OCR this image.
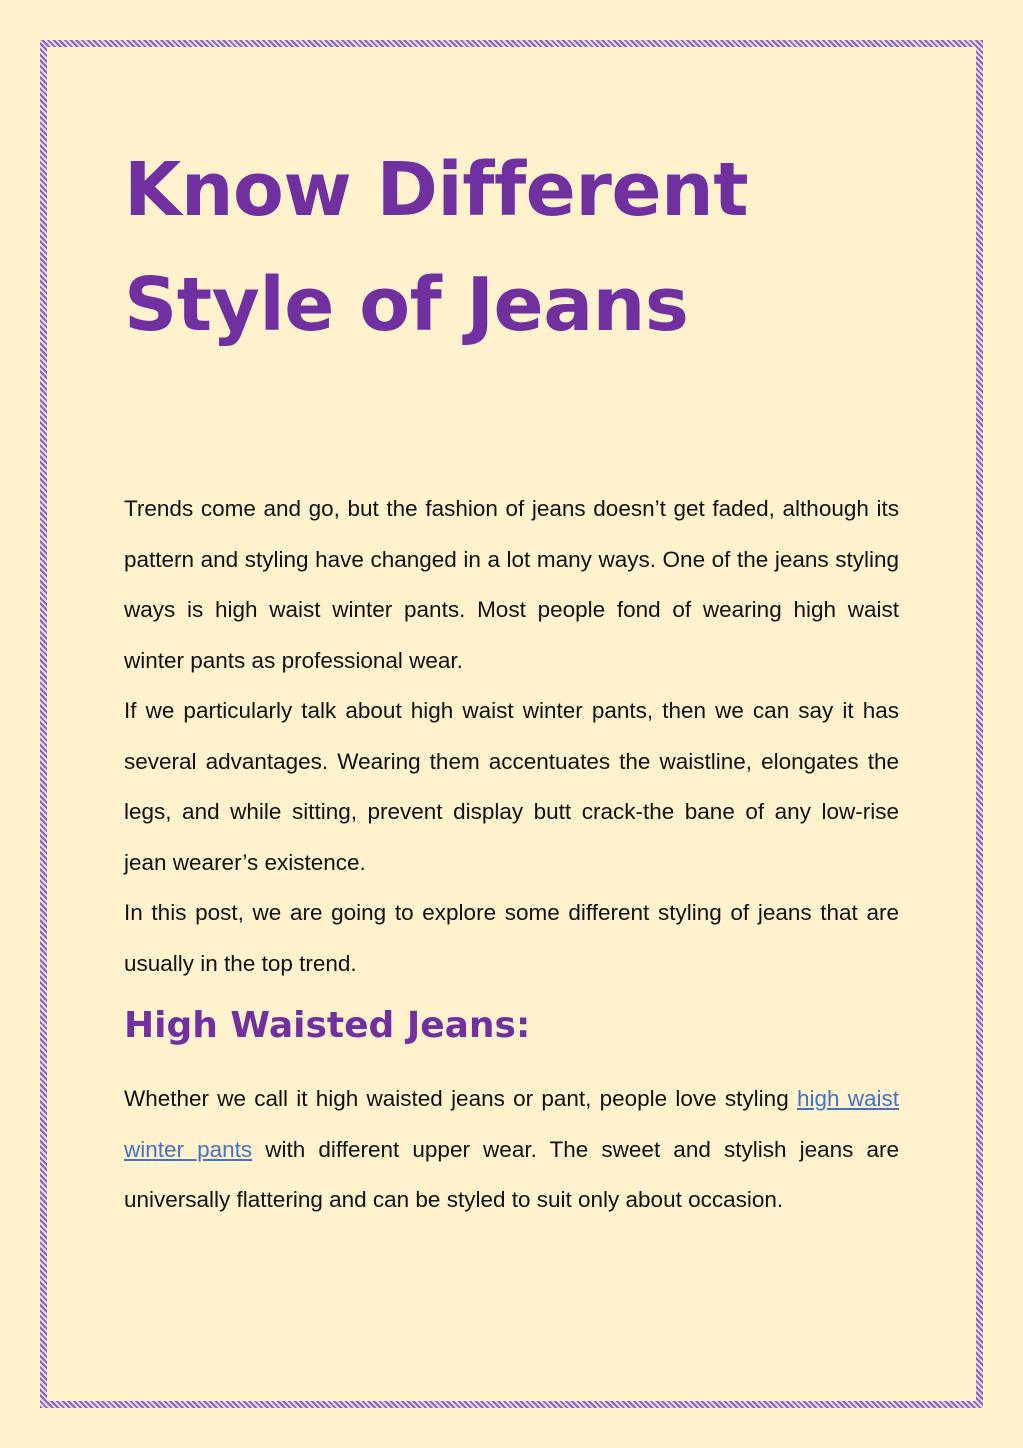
Know Different Style of Jeans

Trends come and go, but the fashion of jeans doesn’t get faded, although its pattern and styling have changed in a lot many ways. One of the jeans styling ways is high waist winter pants. Most people fond of wearing high waist winter pants as professional wear.

If we particularly talk about high waist winter pants, then we can say it has several advantages. Wearing them accentuates the waistline, elongates the legs, and while sitting, prevent display butt crack-the bane of any low-rise jean wearer’s existence.

In this post, we are going to explore some different styling of jeans that are usually in the top trend.

High Waisted Jeans:

Whether we call it high waisted jeans or pant, people love styling high waist winter pants with different upper wear. The sweet and stylish jeans are universally flattering and can be styled to suit only about occasion.
